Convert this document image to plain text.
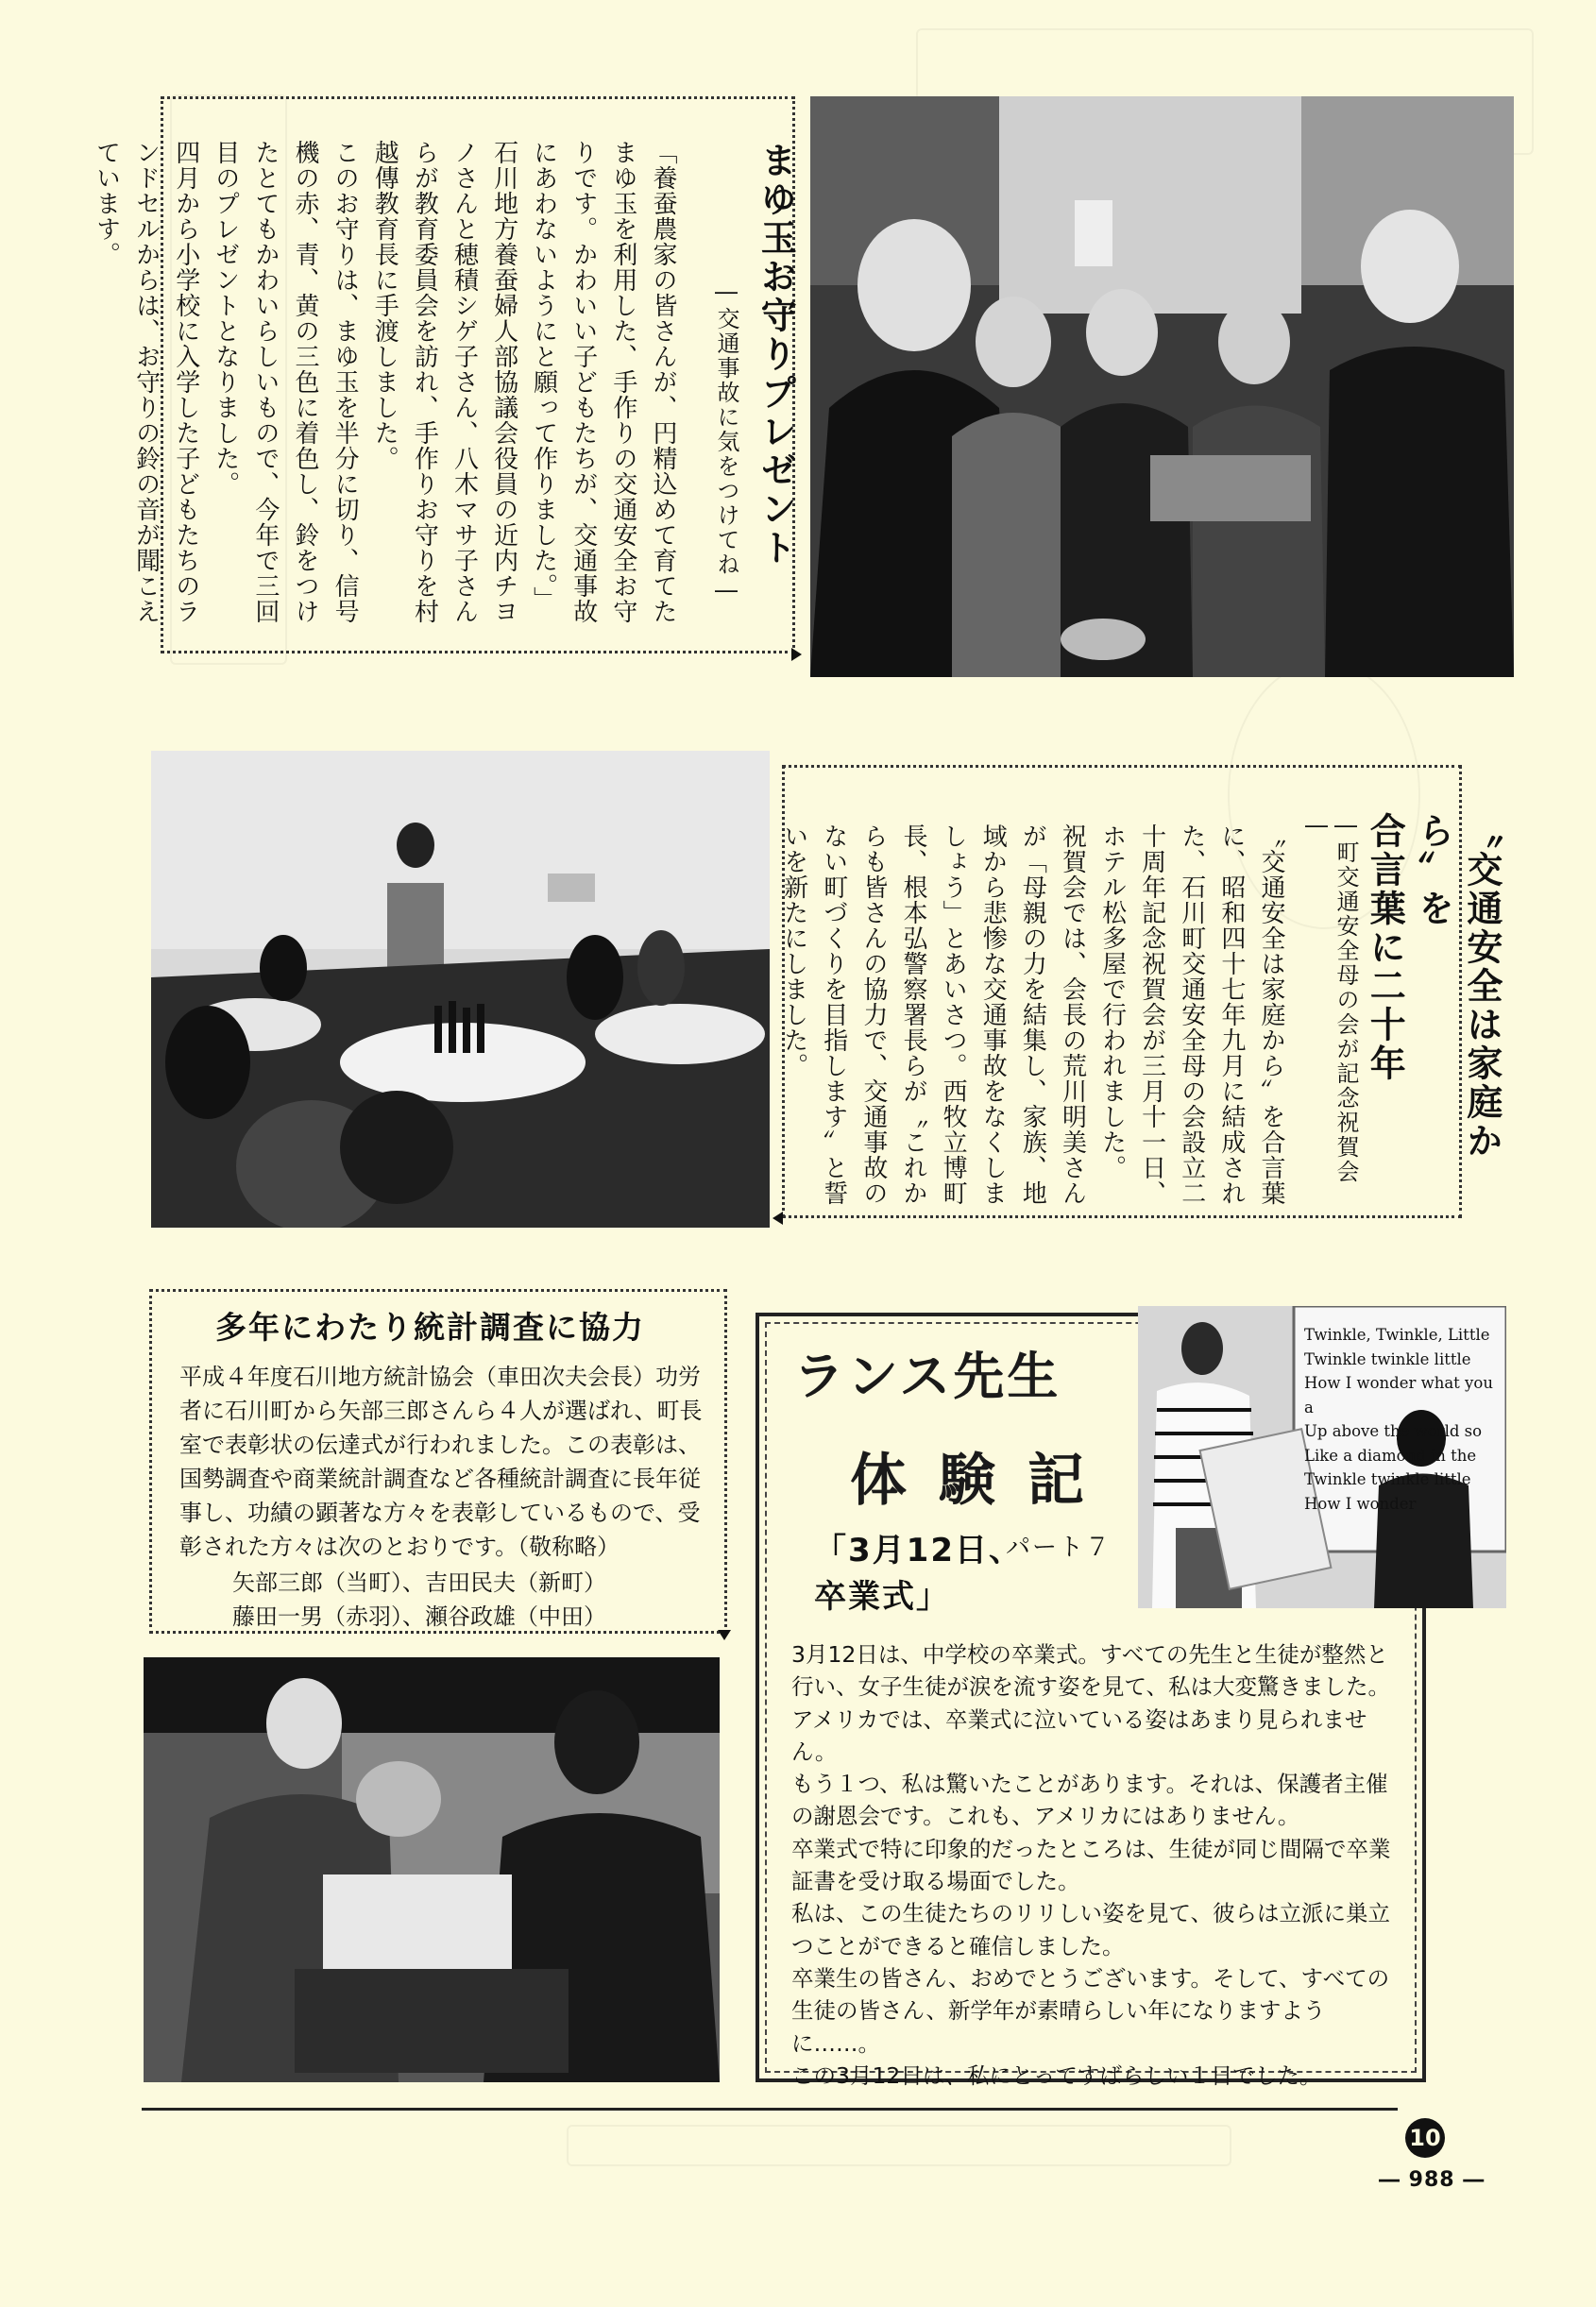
まゆ玉お守りプレゼント
―交通事故に気をつけてね―
「養蚕農家の皆さんが、円精込めて育てたまゆ玉を利用した、手作りの交通安全お守りです。かわいい子どもたちが、交通事故にあわないようにと願って作りました。」
石川地方養蚕婦人部協議会役員の近内チヨノさんと穂積シゲ子さん、八木マサ子さんらが教育委員会を訪れ、手作りお守りを村越傳教育長に手渡しました。
このお守りは、まゆ玉を半分に切り、信号機の赤、青、黄の三色に着色し、鈴をつけたとてもかわいらしいもので、今年で三回目のプレゼントとなりました。
四月から小学校に入学した子どもたちのランドセルからは、お守りの鈴の音が聞こえています。
〝交通安全は家庭から〟を
合言葉に二十年
―町交通安全母の会が記念祝賀会―
〝交通安全は家庭から〟を合言葉に、昭和四十七年九月に結成された、石川町交通安全母の会設立二十周年記念祝賀会が三月十一日、ホテル松多屋で行われました。
祝賀会では、会長の荒川明美さんが「母親の力を結集し、家族、地域から悲惨な交通事故をなくしましょう」とあいさつ。西牧立博町長、根本弘警察署長らが〝これからも皆さんの協力で、交通事故のない町づくりを目指します〟と誓いを新たにしました。

多年にわたり統計調査に協力
平成４年度石川地方統計協会（車田次夫会長）功労者に石川町から矢部三郎さんら４人が選ばれ、町長室で表彰状の伝達式が行われました。この表彰は、国勢調査や商業統計調査など各種統計調査に長年従事し、功績の顕著な方々を表彰しているもので、受彰された方々は次のとおりです。（敬称略）
矢部三郎（当町）、吉田民夫（新町）
藤田一男（赤羽）、瀬谷政雄（中田）
ランス先生
体験記
「3月12日、
卒業式」
パート７
3月12日は、中学校の卒業式。すべての先生と生徒が整然と行い、女子生徒が涙を流す姿を見て、私は大変驚きました。アメリカでは、卒業式に泣いている姿はあまり見られません。
もう１つ、私は驚いたことがあります。それは、保護者主催の謝恩会です。これも、アメリカにはありません。
卒業式で特に印象的だったところは、生徒が同じ間隔で卒業証書を受け取る場面でした。
私は、この生徒たちのリリしい姿を見て、彼らは立派に巣立つことができると確信しました。
卒業生の皆さん、おめでとうございます。そして、すべての生徒の皆さん、新学年が素晴らしい年になりますように……。
この3月12日は、私にとってすばらしい１日でした。
Twinkle, Twinkle, Little
Twinkle twinkle little
How I wonder what you a
Up above the world so
Like a diamond in the
Twinkle twinkle little
How I wonder
10
― 988 ―
